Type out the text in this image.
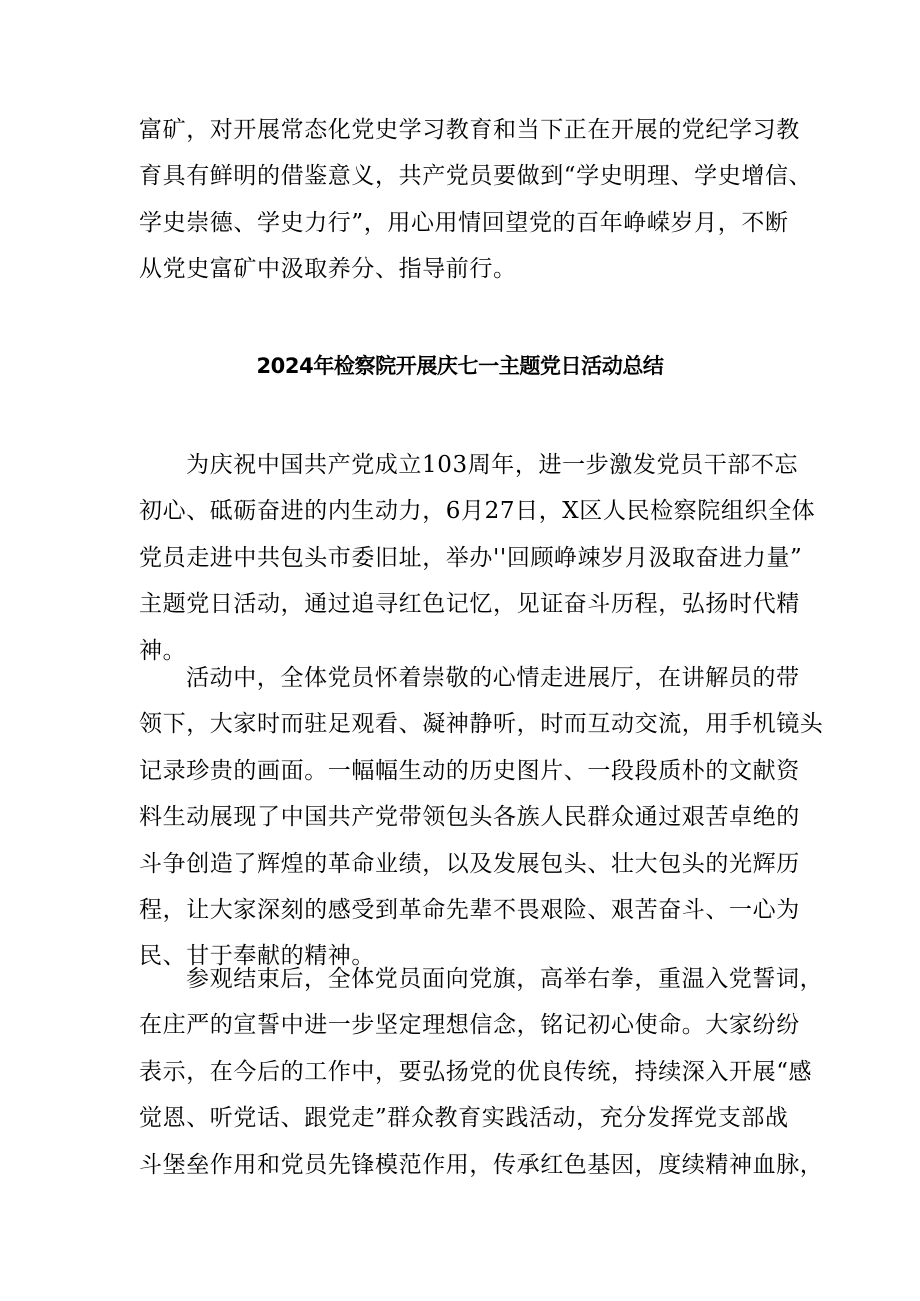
富矿，对开展常态化党史学习教育和当下正在开展的党纪学习教
育具有鲜明的借鉴意义，共产党员要做到“学史明理、学史增信、
学史崇德、学史力行”，用心用情回望党的百年峥嵘岁月，不断
从党史富矿中汲取养分、指导前行。
2024年检察院开展庆七一主题党日活动总结
为庆祝中国共产党成立103周年，进一步激发党员干部不忘
初心、砥砺奋进的内生动力，6月27日，X区人民检察院组织全体
党员走进中共包头市委旧址，举办''回顾峥竦岁月汲取奋进力量”
主题党日活动，通过追寻红色记忆，见证奋斗历程，弘扬时代精
神。
活动中，全体党员怀着崇敬的心情走进展厅，在讲解员的带
领下，大家时而驻足观看、凝神静听，时而互动交流，用手机镜头
记录珍贵的画面。一幅幅生动的历史图片、一段段质朴的文献资
料生动展现了中国共产党带领包头各族人民群众通过艰苦卓绝的
斗争创造了辉煌的革命业绩，以及发展包头、壮大包头的光辉历
程，让大家深刻的感受到革命先辈不畏艰险、艰苦奋斗、一心为
民、甘于奉献的精神。
参观结束后，全体党员面向党旗，高举右拳，重温入党誓词，
在庄严的宣誓中进一步坚定理想信念，铭记初心使命。大家纷纷
表示，在今后的工作中，要弘扬党的优良传统，持续深入开展“感
觉恩、听党话、跟党走”群众教育实践活动，充分发挥党支部战
斗堡垒作用和党员先锋模范作用，传承红色基因，度续精神血脉，
